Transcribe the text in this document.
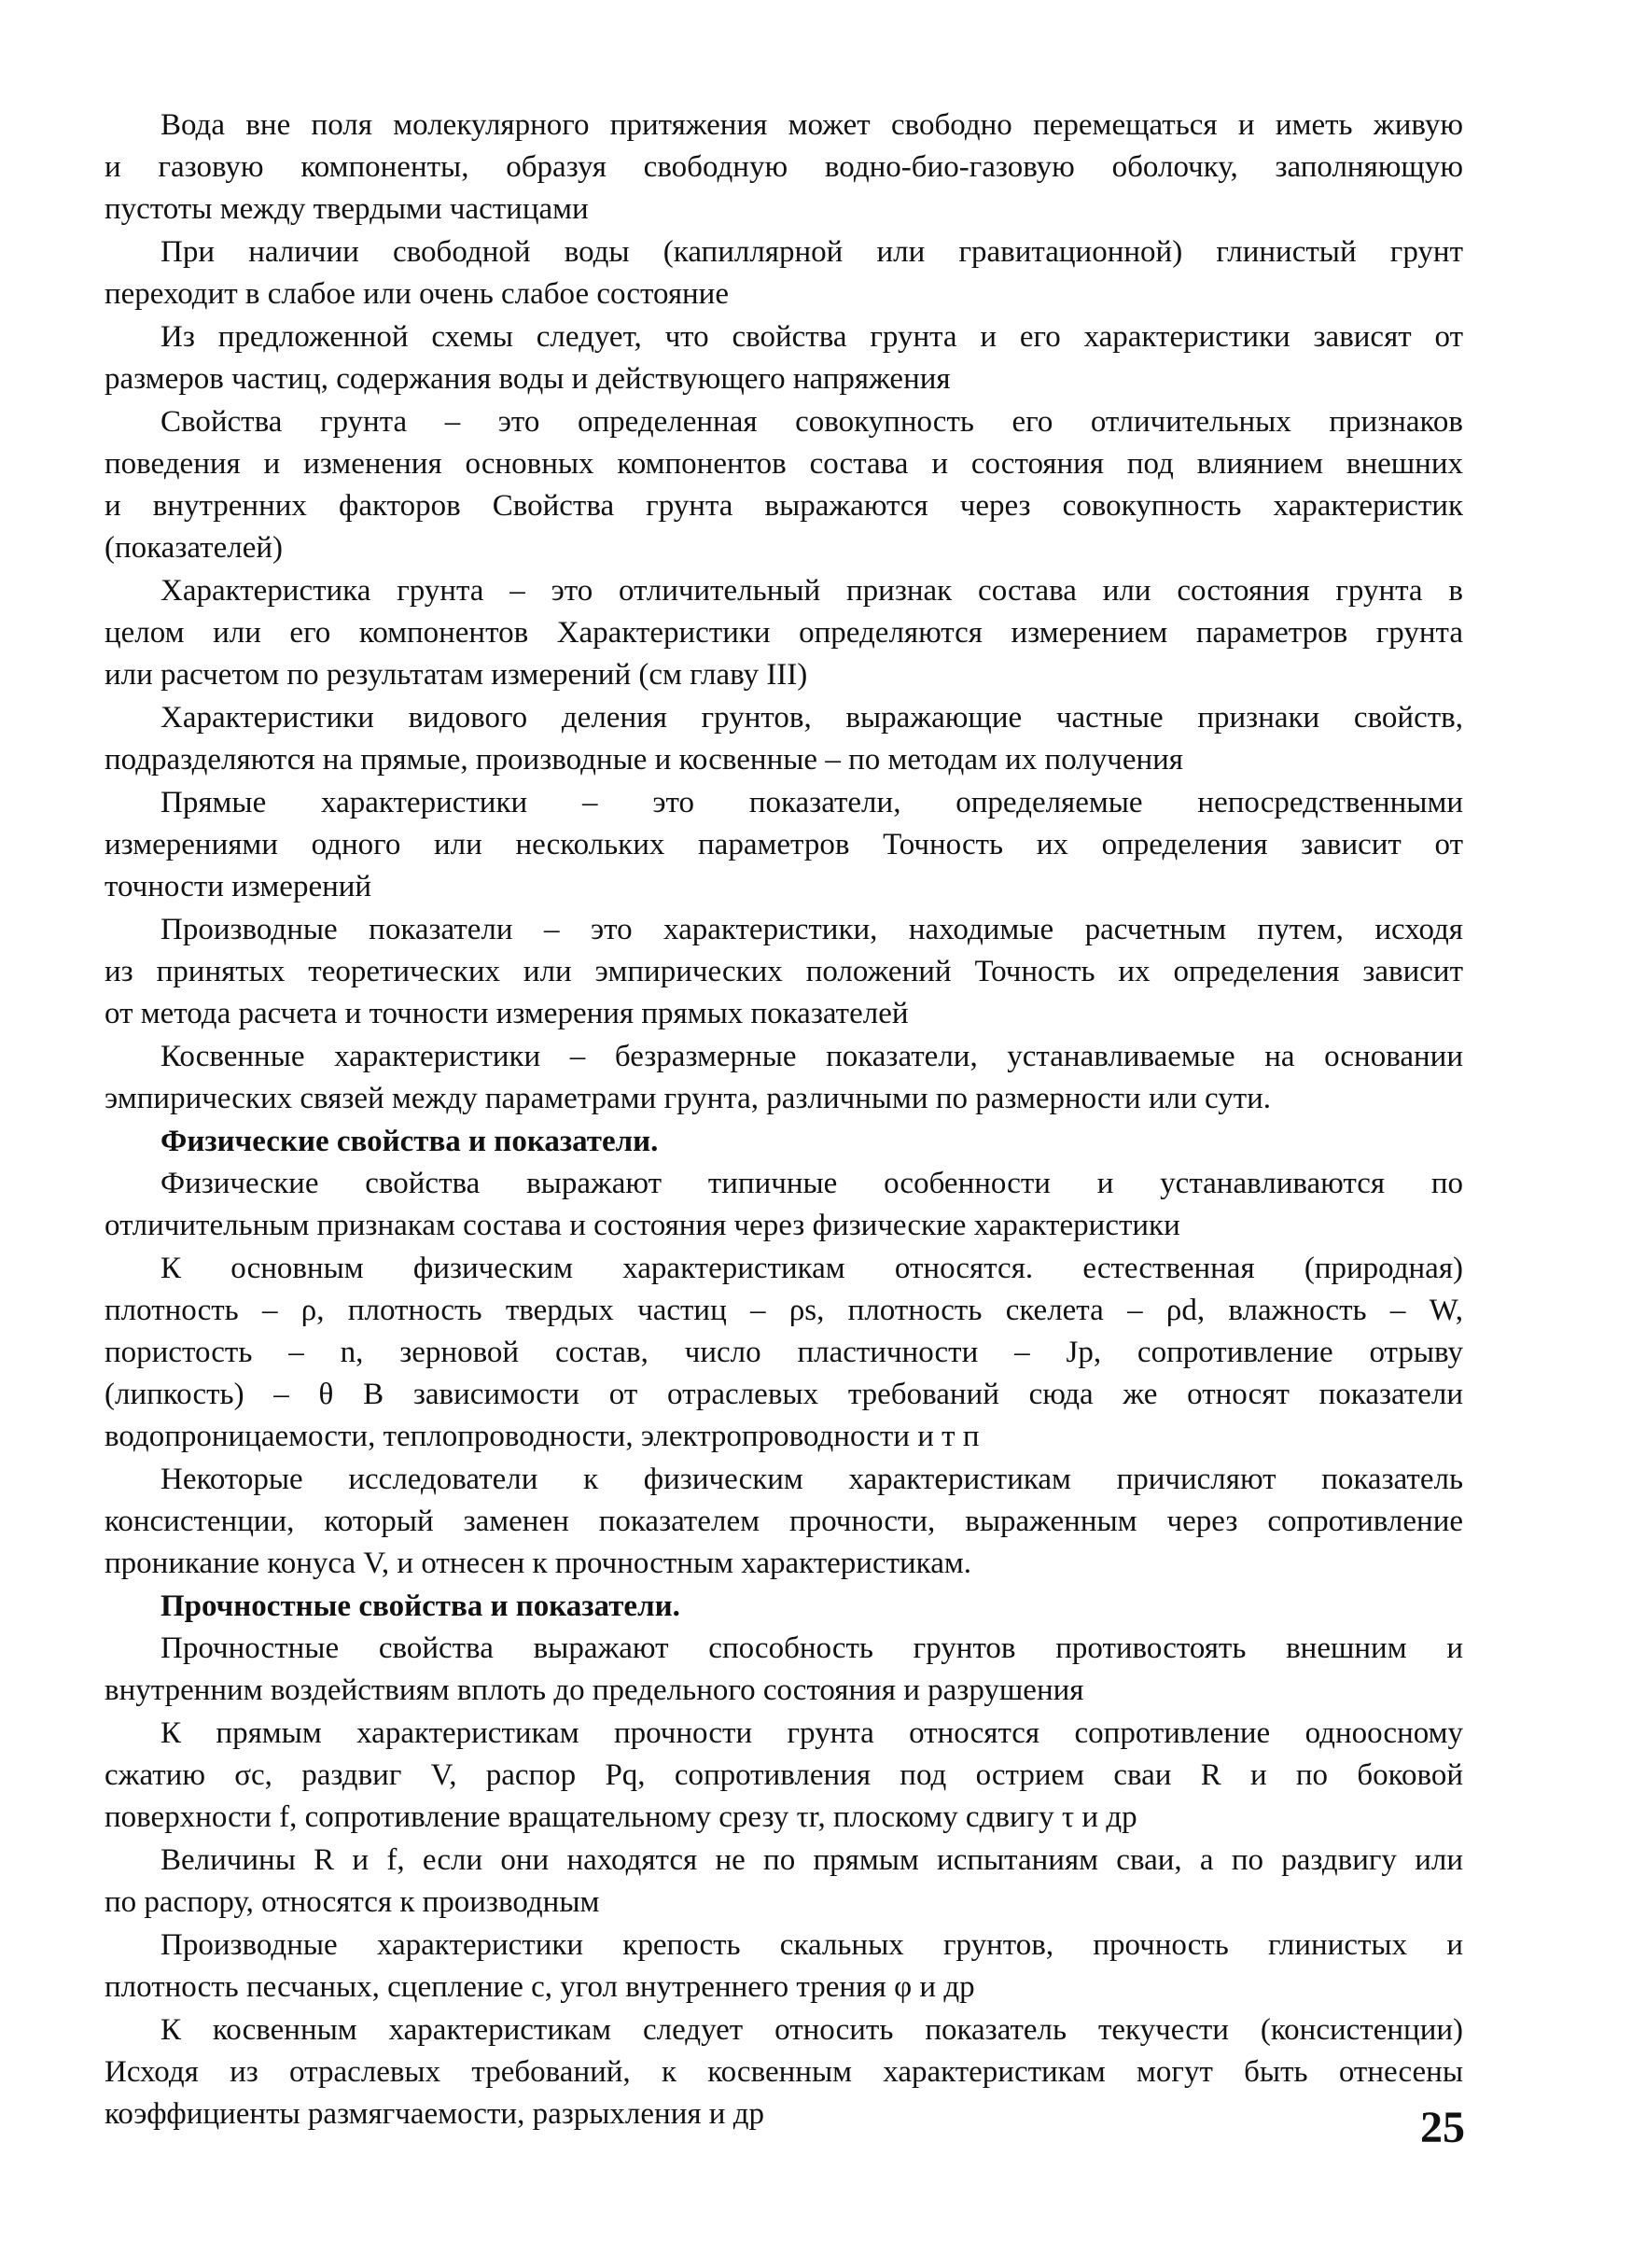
Вода вне поля молекулярного притяжения может свободно перемещаться и иметь живую
и газовую компоненты, образуя свободную водно-био-газовую оболочку, заполняющую
пустоты между твердыми частицами
При наличии свободной воды (капиллярной или гравитационной) глинистый грунт
переходит в слабое или очень слабое состояние
Из предложенной схемы следует, что свойства грунта и его характеристики зависят от
размеров частиц, содержания воды и действующего напряжения
Свойства грунта – это определенная совокупность его отличительных признаков
поведения и изменения основных компонентов состава и состояния под влиянием внешних
и внутренних факторов Свойства грунта выражаются через совокупность характеристик
(показателей)
Характеристика грунта – это отличительный признак состава или состояния грунта в
целом или его компонентов Характеристики определяются измерением параметров грунта
или расчетом по результатам измерений (см главу III)
Характеристики видового деления грунтов, выражающие частные признаки свойств,
подразделяются на прямые, производные и косвенные – по методам их получения
Прямые характеристики – это показатели, определяемые непосредственными
измерениями одного или нескольких параметров Точность их определения зависит от
точности измерений
Производные показатели – это характеристики, находимые расчетным путем, исходя
из принятых теоретических или эмпирических положений Точность их определения зависит
от метода расчета и точности измерения прямых показателей
Косвенные характеристики – безразмерные показатели, устанавливаемые на основании
эмпирических связей между параметрами грунта, различными по размерности или сути.
Физические свойства и показатели.
Физические свойства выражают типичные особенности и устанавливаются по
отличительным признакам состава и состояния через физические характеристики
К основным физическим характеристикам относятся. естественная (природная)
плотность – ρ, плотность твердых частиц – ρs, плотность скелета – ρd, влажность – W,
пористость – n, зерновой состав, число пластичности – Jp, сопротивление отрыву
(липкость) – θ В зависимости от отраслевых требований сюда же относят показатели
водопроницаемости, теплопроводности, электропроводности и т п
Некоторые исследователи к физическим характеристикам причисляют показатель
консистенции, который заменен показателем прочности, выраженным через сопротивление
проникание конуса V, и отнесен к прочностным характеристикам.
Прочностные свойства и показатели.
Прочностные свойства выражают способность грунтов противостоять внешним и
внутренним воздействиям вплоть до предельного состояния и разрушения
К прямым характеристикам прочности грунта относятся сопротивление одноосному
сжатию σc, раздвиг V, распор Pq, сопротивления под острием сваи R и по боковой
поверхности f, сопротивление вращательному срезу τr, плоскому сдвигу τ и др
Величины R и f, если они находятся не по прямым испытаниям сваи, а по раздвигу или
по распору, относятся к производным
Производные характеристики крепость скальных грунтов, прочность глинистых и
плотность песчаных, сцепление c, угол внутреннего трения φ и др
К косвенным характеристикам следует относить показатель текучести (консистенции)
Исходя из отраслевых требований, к косвенным характеристикам могут быть отнесены
коэффициенты размягчаемости, разрыхления и др	25
